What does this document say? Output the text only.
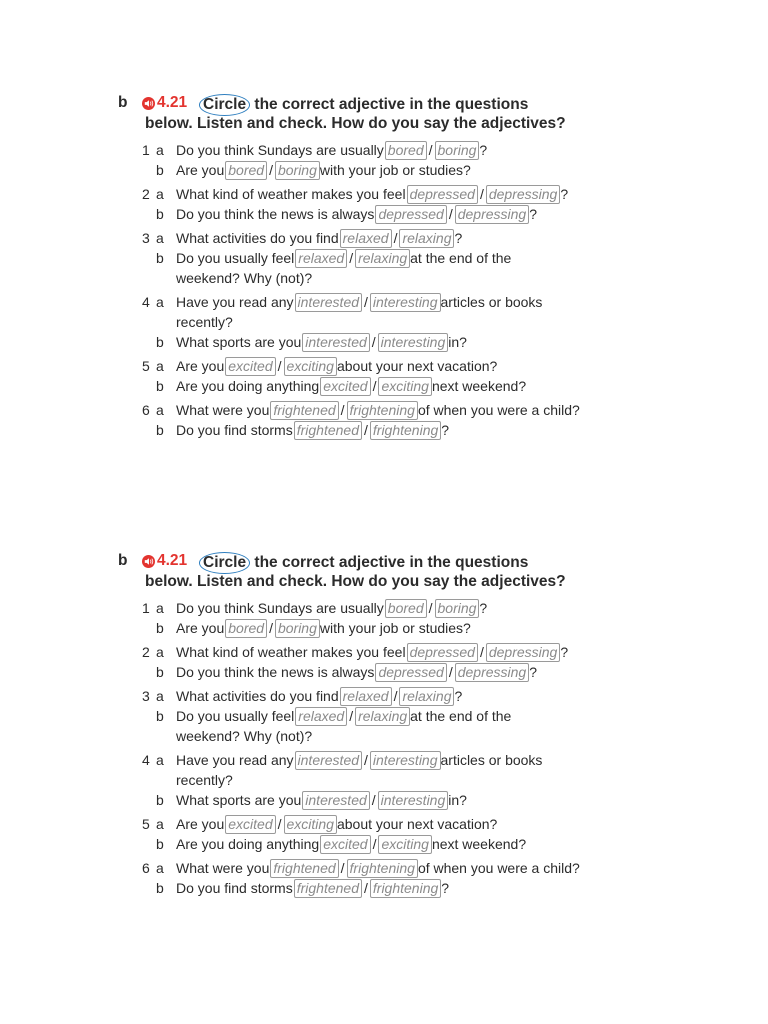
b 4.21 Circle the correct adjective in the questions
below. Listen and check. How do you say the adjectives?
1 a Do you think Sundays are usually bored / boring ?
b Are you bored / boring with your job or studies?
2 a What kind of weather makes you feel depressed / depressing ?
b Do you think the news is always depressed / depressing ?
3 a What activities do you find relaxed / relaxing ?
b Do you usually feel relaxed / relaxing at the end of the
weekend? Why (not)?
4 a Have you read any interested / interesting articles or books
recently?
b What sports are you interested / interesting in?
5 a Are you excited / exciting about your next vacation?
b Are you doing anything excited / exciting next weekend?
6 a What were you frightened / frightening of when you were a child?
b Do you find storms frightened / frightening ?
b 4.21 Circle the correct adjective in the questions
below. Listen and check. How do you say the adjectives?
1 a Do you think Sundays are usually bored / boring ?
b Are you bored / boring with your job or studies?
2 a What kind of weather makes you feel depressed / depressing ?
b Do you think the news is always depressed / depressing ?
3 a What activities do you find relaxed / relaxing ?
b Do you usually feel relaxed / relaxing at the end of the
weekend? Why (not)?
4 a Have you read any interested / interesting articles or books
recently?
b What sports are you interested / interesting in?
5 a Are you excited / exciting about your next vacation?
b Are you doing anything excited / exciting next weekend?
6 a What were you frightened / frightening of when you were a child?
b Do you find storms frightened / frightening ?
